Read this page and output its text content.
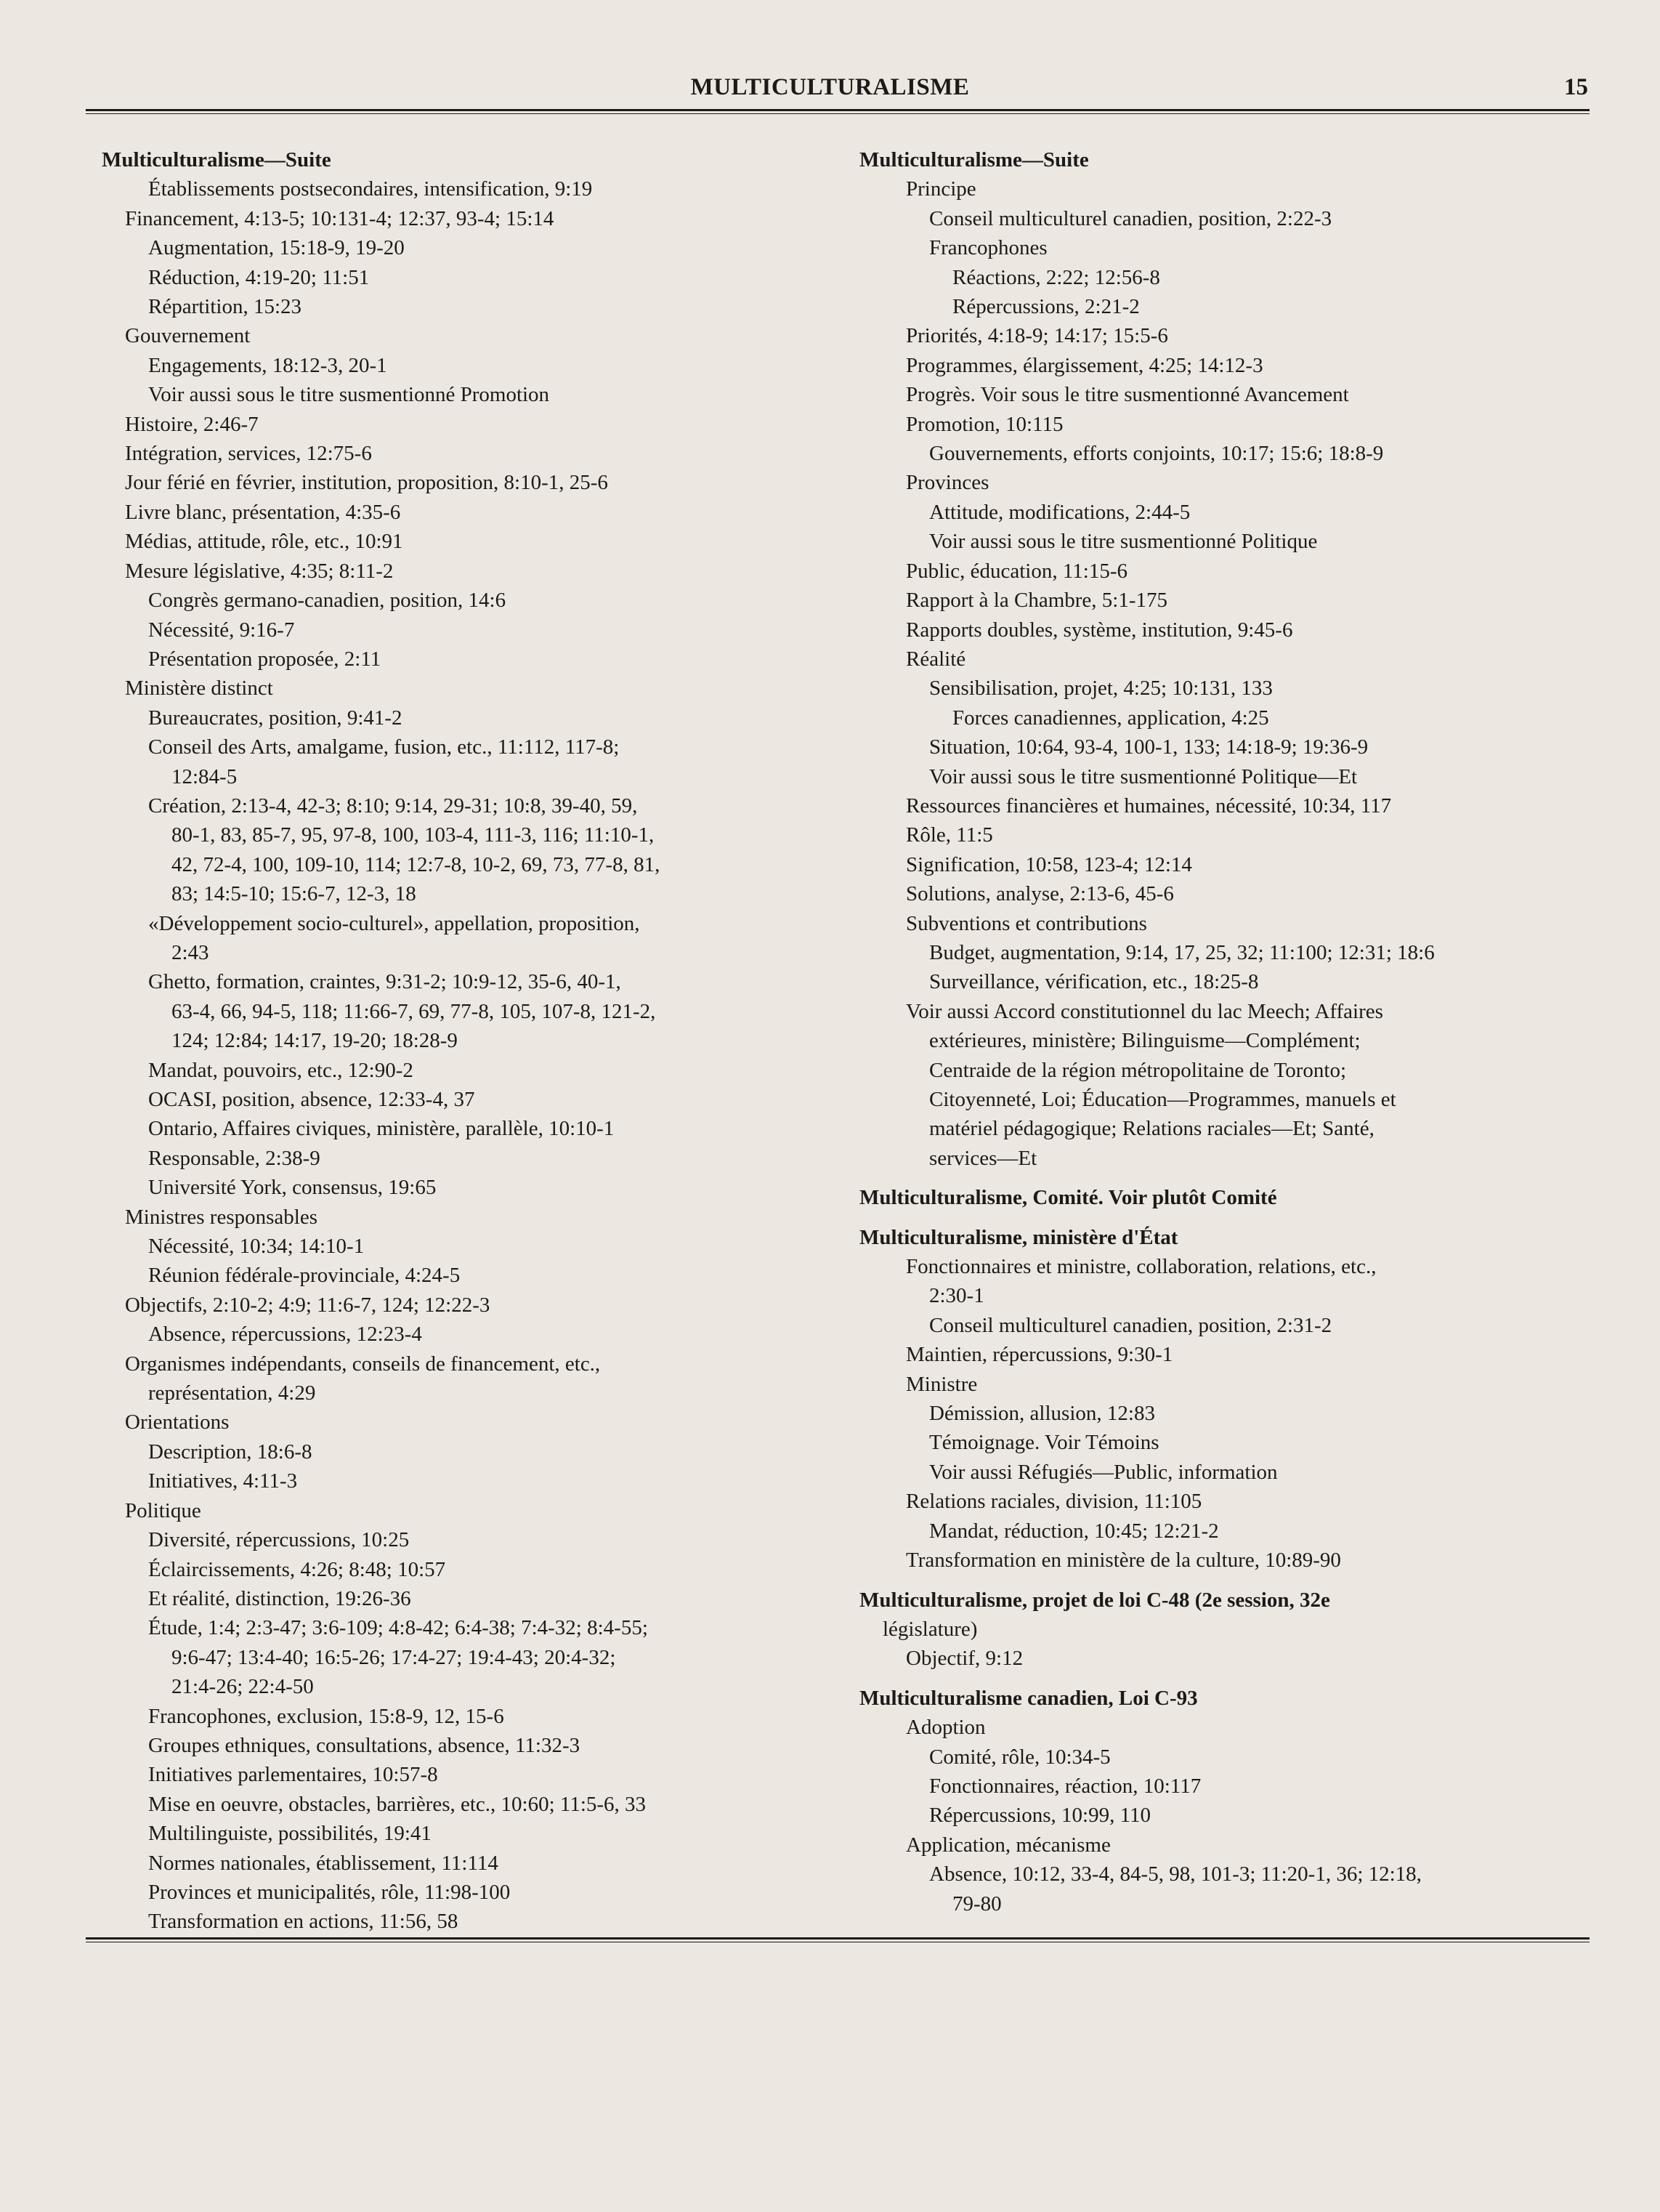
MULTICULTURALISME	15
Multiculturalisme—Suite
Établissements postsecondaires, intensification, 9:19
Financement, 4:13-5; 10:131-4; 12:37, 93-4; 15:14
Augmentation, 15:18-9, 19-20
Réduction, 4:19-20; 11:51
Répartition, 15:23
Gouvernement
Engagements, 18:12-3, 20-1
Voir aussi sous le titre susmentionné Promotion
Histoire, 2:46-7
Intégration, services, 12:75-6
Jour férié en février, institution, proposition, 8:10-1, 25-6
Livre blanc, présentation, 4:35-6
Médias, attitude, rôle, etc., 10:91
Mesure législative, 4:35; 8:11-2
Congrès germano-canadien, position, 14:6
Nécessité, 9:16-7
Présentation proposée, 2:11
Ministère distinct
Bureaucrates, position, 9:41-2
Conseil des Arts, amalgame, fusion, etc., 11:112, 117-8;
12:84-5
Création, 2:13-4, 42-3; 8:10; 9:14, 29-31; 10:8, 39-40, 59,
80-1, 83, 85-7, 95, 97-8, 100, 103-4, 111-3, 116; 11:10-1,
42, 72-4, 100, 109-10, 114; 12:7-8, 10-2, 69, 73, 77-8, 81,
83; 14:5-10; 15:6-7, 12-3, 18
«Développement socio-culturel», appellation, proposition,
2:43
Ghetto, formation, craintes, 9:31-2; 10:9-12, 35-6, 40-1,
63-4, 66, 94-5, 118; 11:66-7, 69, 77-8, 105, 107-8, 121-2,
124; 12:84; 14:17, 19-20; 18:28-9
Mandat, pouvoirs, etc., 12:90-2
OCASI, position, absence, 12:33-4, 37
Ontario, Affaires civiques, ministère, parallèle, 10:10-1
Responsable, 2:38-9
Université York, consensus, 19:65
Ministres responsables
Nécessité, 10:34; 14:10-1
Réunion fédérale-provinciale, 4:24-5
Objectifs, 2:10-2; 4:9; 11:6-7, 124; 12:22-3
Absence, répercussions, 12:23-4
Organismes indépendants, conseils de financement, etc.,
représentation, 4:29
Orientations
Description, 18:6-8
Initiatives, 4:11-3
Politique
Diversité, répercussions, 10:25
Éclaircissements, 4:26; 8:48; 10:57
Et réalité, distinction, 19:26-36
Étude, 1:4; 2:3-47; 3:6-109; 4:8-42; 6:4-38; 7:4-32; 8:4-55;
9:6-47; 13:4-40; 16:5-26; 17:4-27; 19:4-43; 20:4-32;
21:4-26; 22:4-50
Francophones, exclusion, 15:8-9, 12, 15-6
Groupes ethniques, consultations, absence, 11:32-3
Initiatives parlementaires, 10:57-8
Mise en oeuvre, obstacles, barrières, etc., 10:60; 11:5-6, 33
Multilinguiste, possibilités, 19:41
Normes nationales, établissement, 11:114
Provinces et municipalités, rôle, 11:98-100
Transformation en actions, 11:56, 58
Multiculturalisme—Suite
Principe
Conseil multiculturel canadien, position, 2:22-3
Francophones
Réactions, 2:22; 12:56-8
Répercussions, 2:21-2
Priorités, 4:18-9; 14:17; 15:5-6
Programmes, élargissement, 4:25; 14:12-3
Progrès. Voir sous le titre susmentionné Avancement
Promotion, 10:115
Gouvernements, efforts conjoints, 10:17; 15:6; 18:8-9
Provinces
Attitude, modifications, 2:44-5
Voir aussi sous le titre susmentionné Politique
Public, éducation, 11:15-6
Rapport à la Chambre, 5:1-175
Rapports doubles, système, institution, 9:45-6
Réalité
Sensibilisation, projet, 4:25; 10:131, 133
Forces canadiennes, application, 4:25
Situation, 10:64, 93-4, 100-1, 133; 14:18-9; 19:36-9
Voir aussi sous le titre susmentionné Politique—Et
Ressources financières et humaines, nécessité, 10:34, 117
Rôle, 11:5
Signification, 10:58, 123-4; 12:14
Solutions, analyse, 2:13-6, 45-6
Subventions et contributions
Budget, augmentation, 9:14, 17, 25, 32; 11:100; 12:31; 18:6
Surveillance, vérification, etc., 18:25-8
Voir aussi Accord constitutionnel du lac Meech; Affaires
extérieures, ministère; Bilinguisme—Complément;
Centraide de la région métropolitaine de Toronto;
Citoyenneté, Loi; Éducation—Programmes, manuels et
matériel pédagogique; Relations raciales—Et; Santé,
services—Et
Multiculturalisme, Comité. Voir plutôt Comité
Multiculturalisme, ministère d'État
Fonctionnaires et ministre, collaboration, relations, etc.,
2:30-1
Conseil multiculturel canadien, position, 2:31-2
Maintien, répercussions, 9:30-1
Ministre
Démission, allusion, 12:83
Témoignage. Voir Témoins
Voir aussi Réfugiés—Public, information
Relations raciales, division, 11:105
Mandat, réduction, 10:45; 12:21-2
Transformation en ministère de la culture, 10:89-90
Multiculturalisme, projet de loi C-48 (2e session, 32e
législature)
Objectif, 9:12
Multiculturalisme canadien, Loi C-93
Adoption
Comité, rôle, 10:34-5
Fonctionnaires, réaction, 10:117
Répercussions, 10:99, 110
Application, mécanisme
Absence, 10:12, 33-4, 84-5, 98, 101-3; 11:20-1, 36; 12:18,
79-80
